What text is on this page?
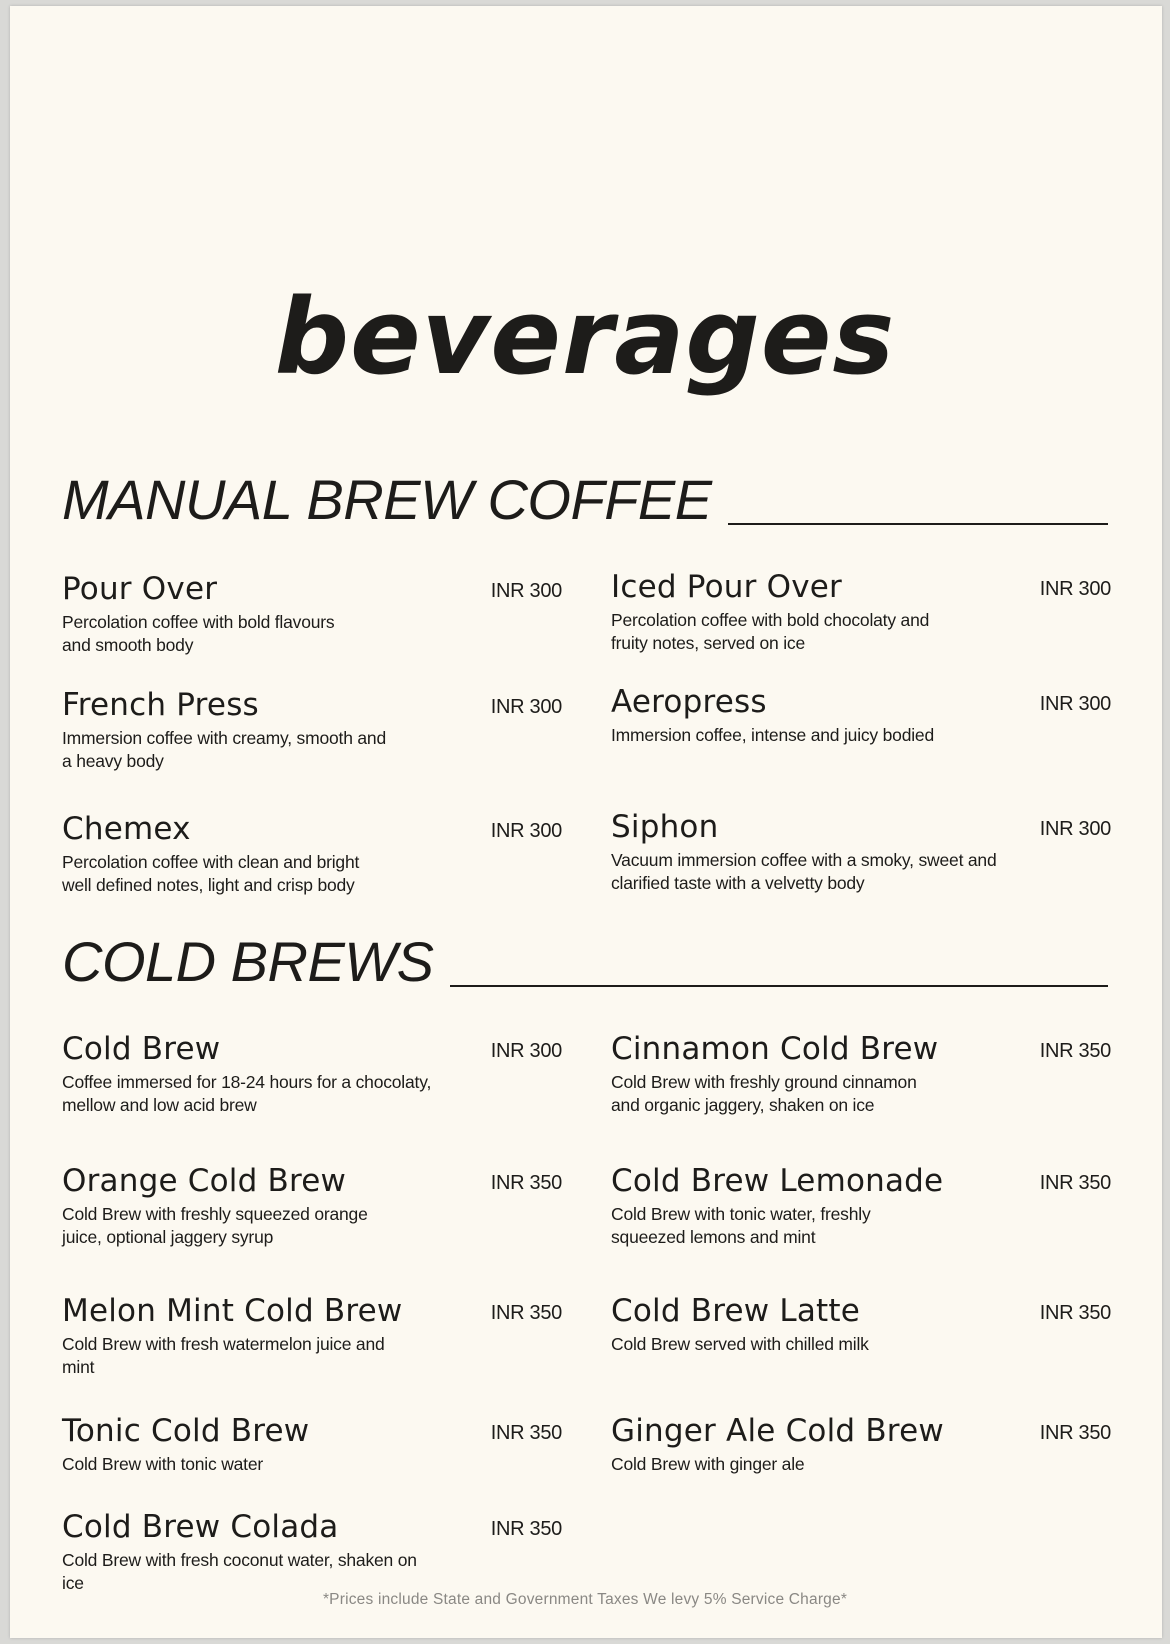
beverages
MANUAL BREW COFFEE
Pour Over	INR 300
Percolation coffee with bold flavours and smooth body
Iced Pour Over	INR 300
Percolation coffee with bold chocolaty and fruity notes, served on ice
French Press	INR 300
Immersion coffee with creamy, smooth and a heavy body
Aeropress	INR 300
Immersion coffee, intense and juicy bodied
Chemex	INR 300
Percolation coffee with clean and bright well defined notes, light and crisp body
Siphon	INR 300
Vacuum immersion coffee with a smoky, sweet and clarified taste with a velvetty body
COLD BREWS
Cold Brew	INR 300
Coffee immersed for 18-24 hours for a chocolaty, mellow and low acid brew
Cinnamon Cold Brew	INR 350
Cold Brew with freshly ground cinnamon and organic jaggery, shaken on ice
Orange Cold Brew	INR 350
Cold Brew with freshly squeezed orange juice, optional jaggery syrup
Cold Brew Lemonade	INR 350
Cold Brew with tonic water, freshly squeezed lemons and mint
Melon Mint Cold Brew	INR 350
Cold Brew with fresh watermelon juice and mint
Cold Brew Latte	INR 350
Cold Brew served with chilled milk
Tonic Cold Brew	INR 350
Cold Brew with tonic water
Ginger Ale Cold Brew	INR 350
Cold Brew with ginger ale
Cold Brew Colada	INR 350
Cold Brew with fresh coconut water, shaken on ice
*Prices include State and Government Taxes We levy 5% Service Charge*
